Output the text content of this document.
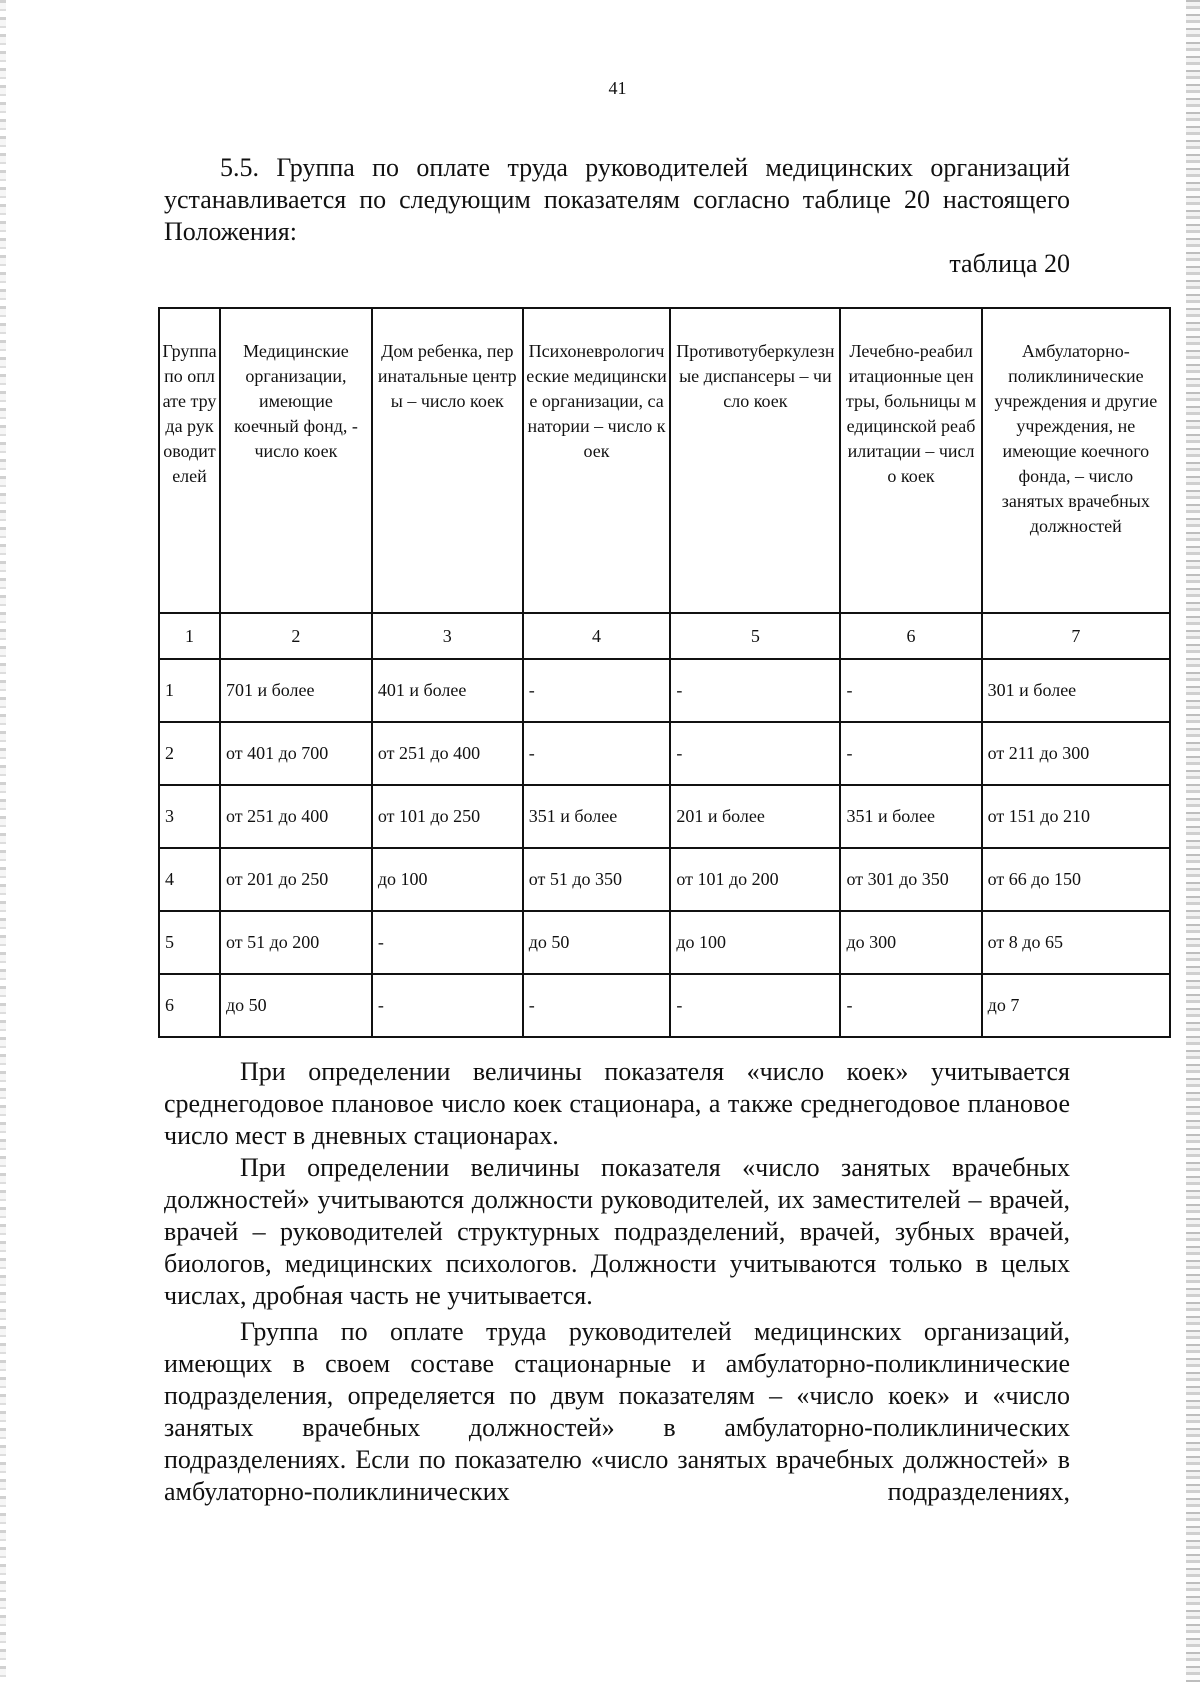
41

5.5. Группа по оплате труда руководителей медицинских организаций устанавливается по следующим показателям согласно таблице 20 настоящего Положения:

таблица 20
Группа по оплате труда руководителей	Медицинские организации, имеющие коечный фонд, - число коек	Дом ребенка, перинатальные центры – число коек	Психоневрологические медицинские организации, санатории – число коек	Противотуберкулезные диспансеры – число коек	Лечебно-реабилитационные центры, больницы медицинской реабилитации – число коек	Амбулаторно-поликлинические учреждения и другие учреждения, не имеющие коечного фонда, – число занятых врачебных должностей
1	2	3	4	5	6	7
1	701 и более	401 и более	-	-	-	301 и более
2	от 401 до 700	от 251 до 400	-	-	-	от 211 до 300
3	от 251 до 400	от 101 до 250	351 и более	201 и более	351 и более	от 151 до 210
4	от 201 до 250	до 100	от 51 до 350	от 101 до 200	от 301 до 350	от 66 до 150
5	от 51 до 200	-	до 50	до 100	до 300	от 8 до 65
6	до 50	-	-	-	-	до 7

При определении величины показателя «число коек» учитывается среднегодовое плановое число коек стационара, а также среднегодовое плановое число мест в дневных стационарах.

При определении величины показателя «число занятых врачебных должностей» учитываются должности руководителей, их заместителей – врачей, врачей – руководителей структурных подразделений, врачей, зубных врачей, биологов, медицинских психологов. Должности учитываются только в целых числах, дробная часть не учитывается.

Группа по оплате труда руководителей медицинских организаций, имеющих в своем составе стационарные и амбулаторно-поликлинические подразделения, определяется по двум показателям – «число коек» и «число занятых врачебных должностей» в амбулаторно-поликлинических подразделениях. Если по показателю «число занятых врачебных должностей» в амбулаторно-поликлинических подразделениях,
